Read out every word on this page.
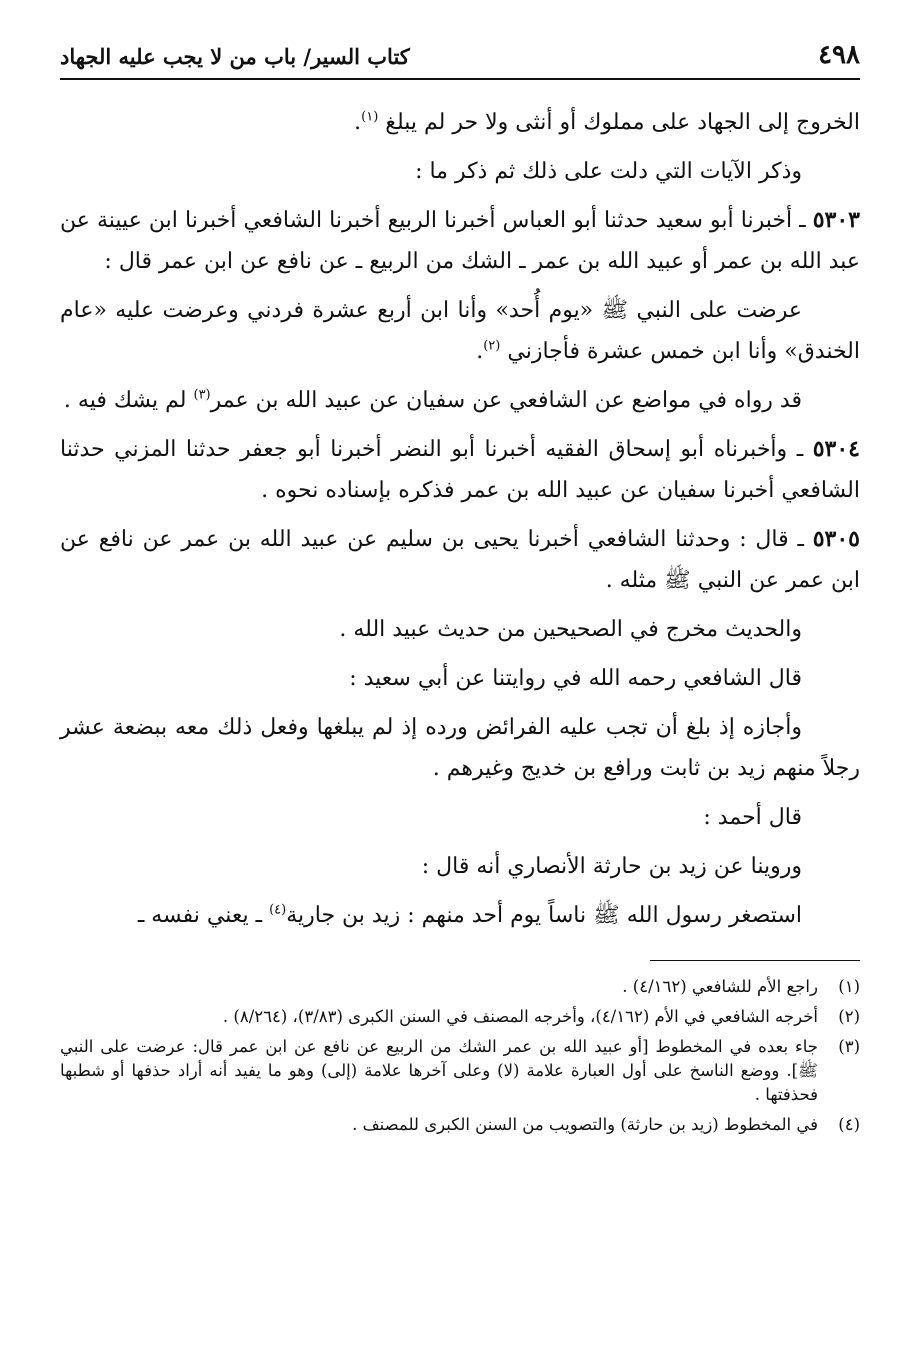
٤٩٨
كتاب السير/ باب من لا يجب عليه الجهاد

الخروج إلى الجهاد على مملوك أو أنثى ولا حر لم يبلغ $^{(١)}$.

وذكر الآيات التي دلت على ذلك ثم ذكر ما :

٥٣٠٣ ـ أخبرنا أبو سعيد حدثنا أبو العباس أخبرنا الربيع أخبرنا الشافعي أخبرنا ابن عيينة عن عبد الله بن عمر أو عبيد الله بن عمر ـ الشك من الربيع ـ عن نافع عن ابن عمر قال :

عرضت على النبي ﷺ «يوم أُحد» وأنا ابن أربع عشرة فردني وعرضت عليه «عام الخندق» وأنا ابن خمس عشرة فأجازني $^{(٢)}$.

قد رواه في مواضع عن الشافعي عن سفيان عن عبيد الله بن عمر$^{(٣)}$ لم يشك فيه .

٥٣٠٤ ـ وأخبرناه أبو إسحاق الفقيه أخبرنا أبو النضر أخبرنا أبو جعفر حدثنا المزني حدثنا الشافعي أخبرنا سفيان عن عبيد الله بن عمر فذكره بإسناده نحوه .

٥٣٠٥ ـ قال : وحدثنا الشافعي أخبرنا يحيى بن سليم عن عبيد الله بن عمر عن نافع عن ابن عمر عن النبي ﷺ مثله .

والحديث مخرج في الصحيحين من حديث عبيد الله .

قال الشافعي رحمه الله في روايتنا عن أبي سعيد :

وأجازه إذ بلغ أن تجب عليه الفرائض ورده إذ لم يبلغها وفعل ذلك معه ببضعة عشر رجلاً منهم زيد بن ثابت ورافع بن خديج وغيرهم .

قال أحمد :

وروينا عن زيد بن حارثة الأنصاري أنه قال :

استصغر رسول الله ﷺ ناساً يوم أحد منهم : زيد بن جارية$^{(٤)}$ ـ يعني نفسه ـ

(١)
راجع الأم للشافعي (٤/١٦٢) .
(٢)
أخرجه الشافعي في الأم (٤/١٦٢)، وأخرجه المصنف في السنن الكبرى (٣/٨٣)، (٨/٢٦٤) .
(٣)
جاء بعده في المخطوط [أو عبيد الله بن عمر الشك من الربيع عن نافع عن ابن عمر قال: عرضت على النبي ﷺ]. ووضع الناسخ على أول العبارة علامة (لا) وعلى آخرها علامة (إلى) وهو ما يفيد أنه أراد حذفها أو شطبها فحذفتها .
(٤)
في المخطوط (زيد بن حارثة) والتصويب من السنن الكبرى للمصنف .
